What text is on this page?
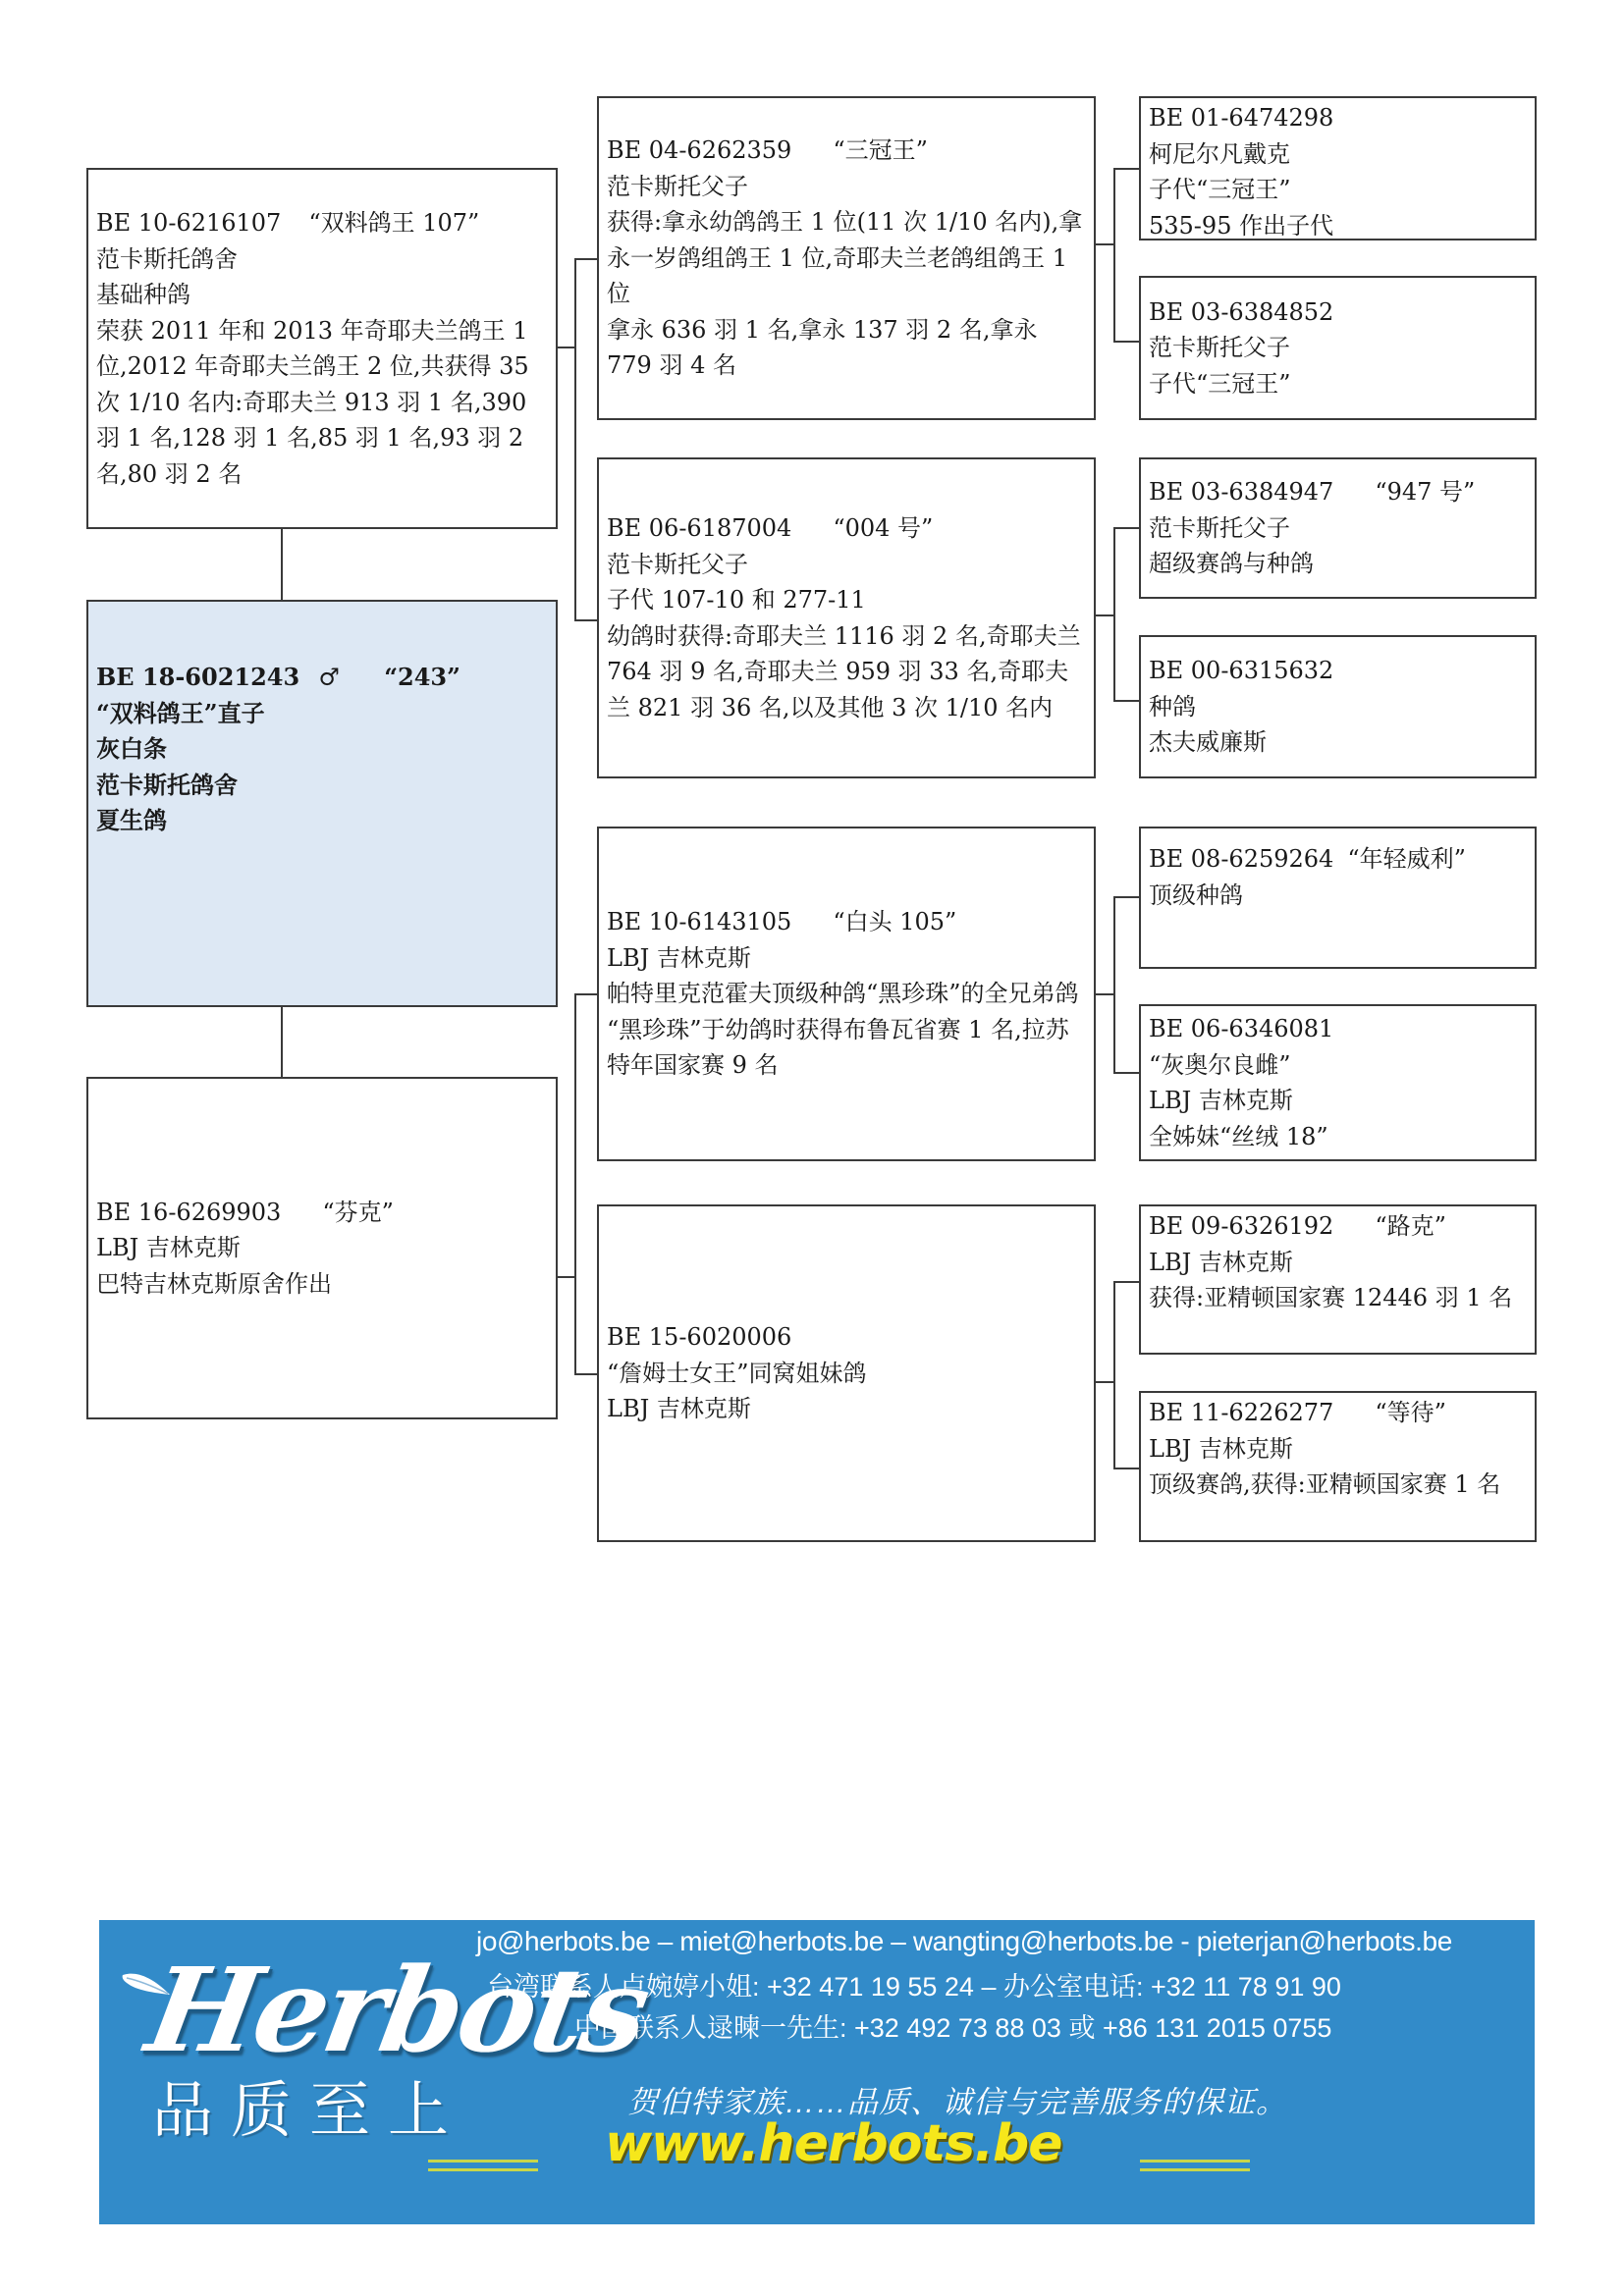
BE 10-6216107 “双料鸽王 107”
范卡斯托鸽舍
基础种鸽
荣获 2011 年和 2013 年奇耶夫兰鸽王 1 位,2012 年奇耶夫兰鸽王 2 位,共获得 35 次 1/10 名内:奇耶夫兰 913 羽 1 名,390 羽 1 名,128 羽 1 名,85 羽 1 名,93 羽 2 名,80 羽 2 名
BE 18-6021243 ♂ “243”
“双料鸽王”直子
灰白条
范卡斯托鸽舍
夏生鸽
BE 16-6269903 “芬克”
LBJ 吉林克斯
巴特吉林克斯原舍作出
BE 04-6262359 “三冠王”
范卡斯托父子
获得:拿永幼鸽鸽王 1 位(11 次 1/10 名内),拿永一岁鸽组鸽王 1 位,奇耶夫兰老鸽组鸽王 1 位
拿永 636 羽 1 名,拿永 137 羽 2 名,拿永 779 羽 4 名
BE 06-6187004 “004 号”
范卡斯托父子
子代 107-10 和 277-11
幼鸽时获得:奇耶夫兰 1116 羽 2 名,奇耶夫兰 764 羽 9 名,奇耶夫兰 959 羽 33 名,奇耶夫兰 821 羽 36 名,以及其他 3 次 1/10 名内
BE 10-6143105 “白头 105”
LBJ 吉林克斯
帕特里克范霍夫顶级种鸽“黑珍珠”的全兄弟鸽
“黑珍珠”于幼鸽时获得布鲁瓦省赛 1 名,拉苏特年国家赛 9 名
BE 15-6020006
“詹姆士女王”同窝姐妹鸽
LBJ 吉林克斯
BE 01-6474298
柯尼尔凡戴克
子代“三冠王”
535-95 作出子代
BE 03-6384852
范卡斯托父子
子代“三冠王”
BE 03-6384947 “947 号”
范卡斯托父子
超级赛鸽与种鸽
BE 00-6315632
种鸽
杰夫威廉斯
BE 08-6259264 “年轻威利”
顶级种鸽
BE 06-6346081
“灰奥尔良雌”
LBJ 吉林克斯
全姊妹“丝绒 18”
BE 09-6326192 “路克”
LBJ 吉林克斯
获得:亚精顿国家赛 12446 羽 1 名
BE 11-6226277 “等待”
LBJ 吉林克斯
顶级赛鸽,获得:亚精顿国家赛 1 名
Herbots
品质至上
jo@herbots.be – miet@herbots.be – wangting@herbots.be - pieterjan@herbots.be
台湾联系人卢婉婷小姐: +32 471 19 55 24 – 办公室电话: +32 11 78 91 90
中国联系人逯暕一先生: +32 492 73 88 03 或 +86 131 2015 0755
贺伯特家族……品质、诚信与完善服务的保证。
www.herbots.be
